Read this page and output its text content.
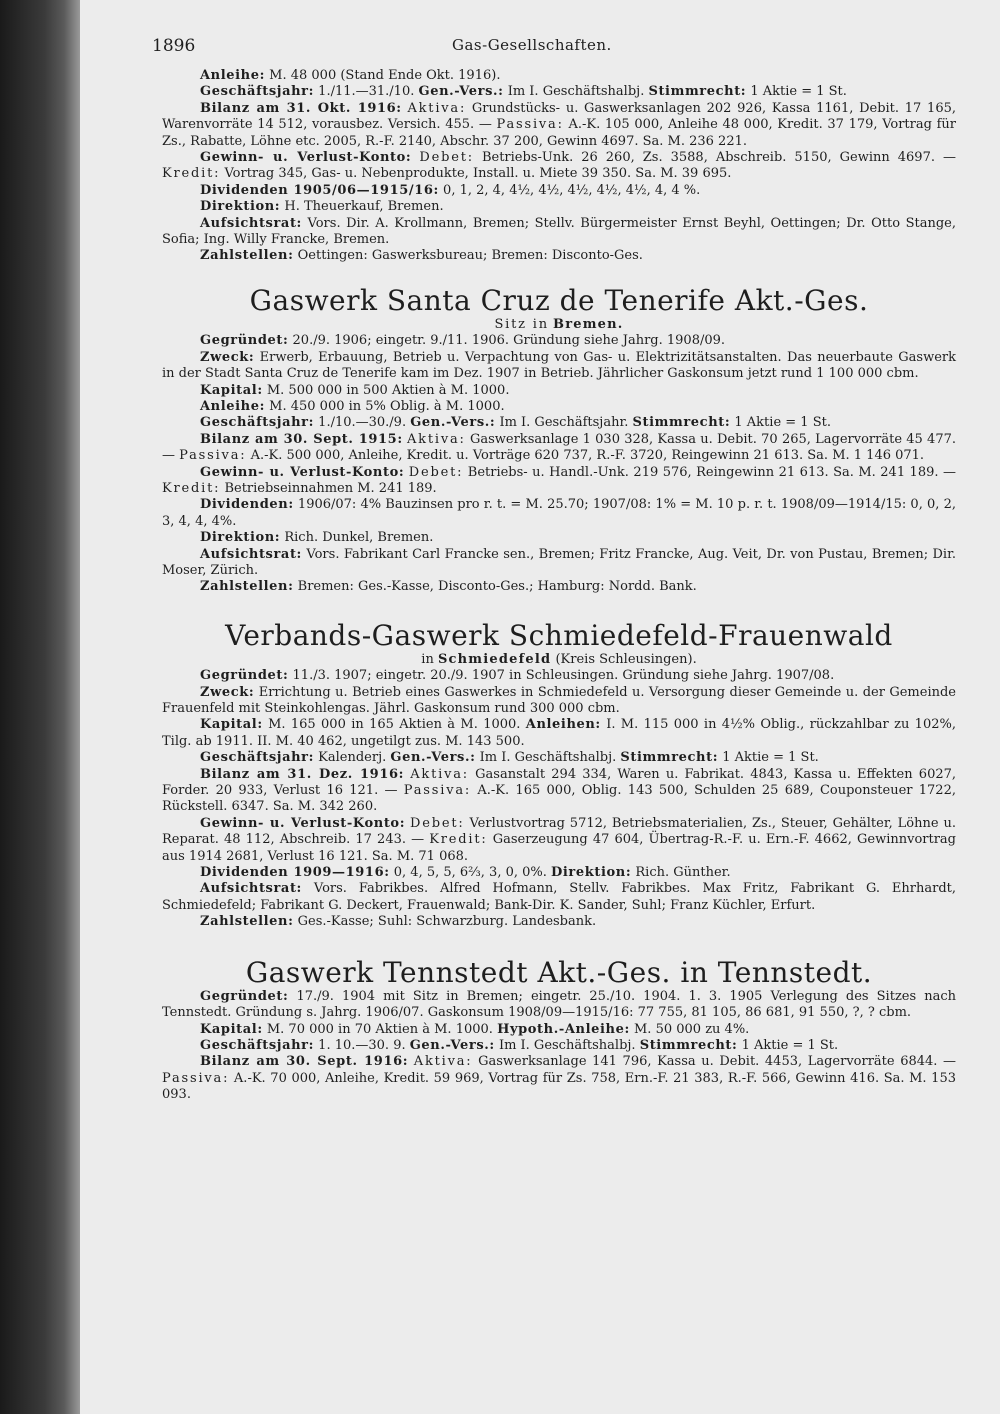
1896	Gas-Gesellschaften.

Anleihe: M. 48 000 (Stand Ende Okt. 1916).

Geschäftsjahr: 1./11.—31./10. Gen.-Vers.: Im I. Geschäftshalbj. Stimmrecht: 1 Aktie = 1 St.

Bilanz am 31. Okt. 1916: Aktiva: Grundstücks- u. Gaswerksanlagen 202 926, Kassa 1161, Debit. 17 165, Warenvorräte 14 512, vorausbez. Versich. 455. — Passiva: A.-K. 105 000, Anleihe 48 000, Kredit. 37 179, Vortrag für Zs., Rabatte, Löhne etc. 2005, R.-F. 2140, Abschr. 37 200, Gewinn 4697. Sa. M. 236 221.

Gewinn- u. Verlust-Konto: Debet: Betriebs-Unk. 26 260, Zs. 3588, Abschreib. 5150, Gewinn 4697. — Kredit: Vortrag 345, Gas- u. Nebenprodukte, Install. u. Miete 39 350. Sa. M. 39 695.

Dividenden 1905/06—1915/16: 0, 1, 2, 4, 4½, 4½, 4½, 4½, 4½, 4, 4 %.

Direktion: H. Theuerkauf, Bremen.

Aufsichtsrat: Vors. Dir. A. Krollmann, Bremen; Stellv. Bürgermeister Ernst Beyhl, Oettingen; Dr. Otto Stange, Sofia; Ing. Willy Francke, Bremen.

Zahlstellen: Oettingen: Gaswerksbureau; Bremen: Disconto-Ges.

Gaswerk Santa Cruz de Tenerife Akt.-Ges.

Sitz in Bremen.

Gegründet: 20./9. 1906; eingetr. 9./11. 1906. Gründung siehe Jahrg. 1908/09.

Zweck: Erwerb, Erbauung, Betrieb u. Verpachtung von Gas- u. Elektrizitätsanstalten. Das neuerbaute Gaswerk in der Stadt Santa Cruz de Tenerife kam im Dez. 1907 in Betrieb. Jährlicher Gaskonsum jetzt rund 1 100 000 cbm.

Kapital: M. 500 000 in 500 Aktien à M. 1000.

Anleihe: M. 450 000 in 5% Oblig. à M. 1000.

Geschäftsjahr: 1./10.—30./9. Gen.-Vers.: Im I. Geschäftsjahr. Stimmrecht: 1 Aktie = 1 St.

Bilanz am 30. Sept. 1915: Aktiva: Gaswerksanlage 1 030 328, Kassa u. Debit. 70 265, Lagervorräte 45 477. — Passiva: A.-K. 500 000, Anleihe, Kredit. u. Vorträge 620 737, R.-F. 3720, Reingewinn 21 613. Sa. M. 1 146 071.

Gewinn- u. Verlust-Konto: Debet: Betriebs- u. Handl.-Unk. 219 576, Reingewinn 21 613. Sa. M. 241 189. — Kredit: Betriebseinnahmen M. 241 189.

Dividenden: 1906/07: 4% Bauzinsen pro r. t. = M. 25.70; 1907/08: 1% = M. 10 p. r. t. 1908/09—1914/15: 0, 0, 2, 3, 4, 4, 4%.

Direktion: Rich. Dunkel, Bremen.

Aufsichtsrat: Vors. Fabrikant Carl Francke sen., Bremen; Fritz Francke, Aug. Veit, Dr. von Pustau, Bremen; Dir. Moser, Zürich.

Zahlstellen: Bremen: Ges.-Kasse, Disconto-Ges.; Hamburg: Nordd. Bank.

Verbands-Gaswerk Schmiedefeld-Frauenwald

in Schmiedefeld (Kreis Schleusingen).

Gegründet: 11./3. 1907; eingetr. 20./9. 1907 in Schleusingen. Gründung siehe Jahrg. 1907/08.

Zweck: Errichtung u. Betrieb eines Gaswerkes in Schmiedefeld u. Versorgung dieser Gemeinde u. der Gemeinde Frauenfeld mit Steinkohlengas. Jährl. Gaskonsum rund 300 000 cbm.

Kapital: M. 165 000 in 165 Aktien à M. 1000. Anleihen: I. M. 115 000 in 4½% Oblig., rückzahlbar zu 102%, Tilg. ab 1911. II. M. 40 462, ungetilgt zus. M. 143 500.

Geschäftsjahr: Kalenderj. Gen.-Vers.: Im I. Geschäftshalbj. Stimmrecht: 1 Aktie = 1 St.

Bilanz am 31. Dez. 1916: Aktiva: Gasanstalt 294 334, Waren u. Fabrikat. 4843, Kassa u. Effekten 6027, Forder. 20 933, Verlust 16 121. — Passiva: A.-K. 165 000, Oblig. 143 500, Schulden 25 689, Couponsteuer 1722, Rückstell. 6347. Sa. M. 342 260.

Gewinn- u. Verlust-Konto: Debet: Verlustvortrag 5712, Betriebsmaterialien, Zs., Steuer, Gehälter, Löhne u. Reparat. 48 112, Abschreib. 17 243. — Kredit: Gaserzeugung 47 604, Übertrag-R.-F. u. Ern.-F. 4662, Gewinnvortrag aus 1914 2681, Verlust 16 121. Sa. M. 71 068.

Dividenden 1909—1916: 0, 4, 5, 5, 6⅔, 3, 0, 0%. Direktion: Rich. Günther.

Aufsichtsrat: Vors. Fabrikbes. Alfred Hofmann, Stellv. Fabrikbes. Max Fritz, Fabrikant G. Ehrhardt, Schmiedefeld; Fabrikant G. Deckert, Frauenwald; Bank-Dir. K. Sander, Suhl; Franz Küchler, Erfurt.

Zahlstellen: Ges.-Kasse; Suhl: Schwarzburg. Landesbank.

Gaswerk Tennstedt Akt.-Ges. in Tennstedt.

Gegründet: 17./9. 1904 mit Sitz in Bremen; eingetr. 25./10. 1904. 1. 3. 1905 Verlegung des Sitzes nach Tennstedt. Gründung s. Jahrg. 1906/07. Gaskonsum 1908/09—1915/16: 77 755, 81 105, 86 681, 91 550, ?, ? cbm.

Kapital: M. 70 000 in 70 Aktien à M. 1000. Hypoth.-Anleihe: M. 50 000 zu 4%.

Geschäftsjahr: 1. 10.—30. 9. Gen.-Vers.: Im I. Geschäftshalbj. Stimmrecht: 1 Aktie = 1 St.

Bilanz am 30. Sept. 1916: Aktiva: Gaswerksanlage 141 796, Kassa u. Debit. 4453, Lagervorräte 6844. — Passiva: A.-K. 70 000, Anleihe, Kredit. 59 969, Vortrag für Zs. 758, Ern.-F. 21 383, R.-F. 566, Gewinn 416. Sa. M. 153 093.
